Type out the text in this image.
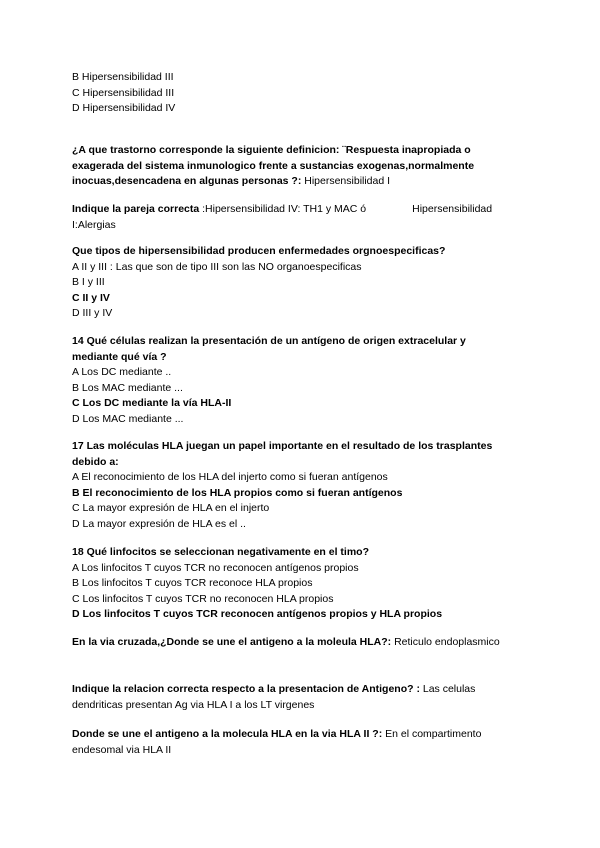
B Hipersensibilidad III
C Hipersensibilidad III
D Hipersensibilidad IV
¿A que trastorno corresponde la siguiente definicion: ¨Respuesta inapropiada o
exagerada del sistema inmunologico frente a sustancias exogenas,normalmente
inocuas,desencadena en algunas personas ?: Hipersensibilidad I
Indique la pareja correcta :Hipersensibilidad IV: TH1 y MAC ó	Hipersensibilidad
I:Alergias
Que tipos de hipersensibilidad producen enfermedades orgnoespecificas?
A II y III : Las que son de tipo III son las NO organoespecificas
B I y III
C II y IV
D III y IV
14 Qué células realizan la presentación de un antígeno de origen extracelular y
mediante qué vía ?
A Los DC mediante ..
B Los MAC mediante ...
C Los DC mediante la vía HLA-II
D Los MAC mediante ...
17 Las moléculas HLA juegan un papel importante en el resultado de los trasplantes
debido a:
A El reconocimiento de los HLA del injerto como si fueran antígenos
B El reconocimiento de los HLA propios como si fueran antígenos
C La mayor expresión de HLA en el injerto
D La mayor expresión de HLA es el ..
18 Qué linfocitos se seleccionan negativamente en el timo?
A Los linfocitos T cuyos TCR no reconocen antígenos propios
B Los linfocitos T cuyos TCR reconoce HLA propios
C Los linfocitos T cuyos TCR no reconocen HLA propios
D Los linfocitos T cuyos TCR reconocen antígenos propios y HLA propios
En la via cruzada,¿Donde se une el antigeno a la moleula HLA?: Reticulo endoplasmico
Indique la relacion correcta respecto a la presentacion de Antigeno? : Las celulas
dendriticas presentan Ag via HLA I a los LT virgenes
Donde se une el antigeno a la molecula HLA en la via HLA II ?: En el compartimento
endesomal via HLA II
